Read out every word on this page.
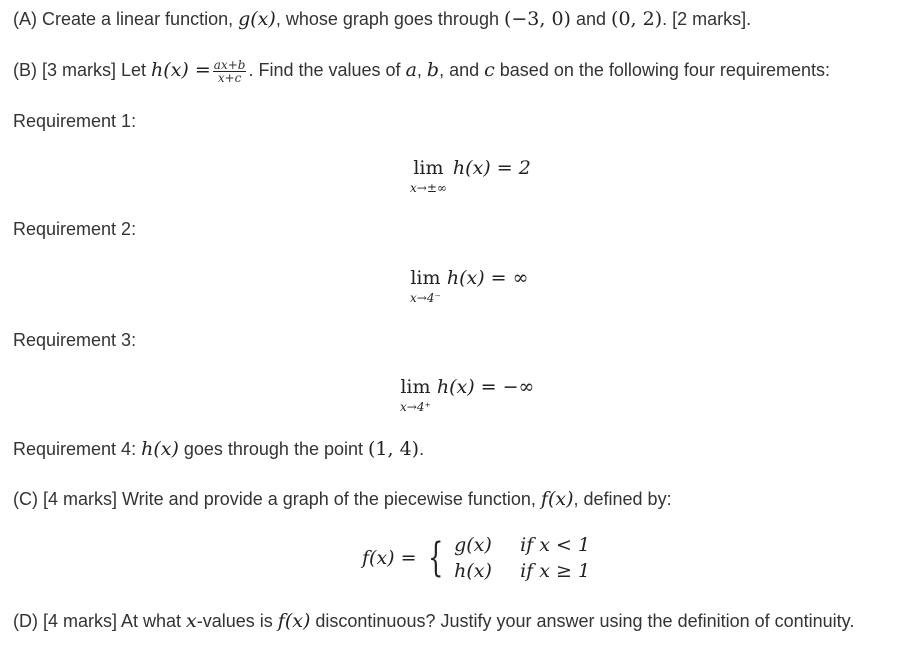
(A) Create a linear function, g(x), whose graph goes through (−3, 0) and (0, 2). [2 marks].
(B) [3 marks] Let $h(x) = \frac{ax+b}{x+c}$ . Find the values of a, b, and c based on the following four requirements:
Requirement 1:
lim
x→±∞
h(x) = 2
Requirement 2:
lim
x→4⁻
h(x) = ∞
Requirement 3:
lim
x→4⁺
h(x) = −∞
Requirement 4: h(x) goes through the point (1, 4).
(C) [4 marks] Write and provide a graph of the piecewise function, f(x), defined by:
f(x) = { g(x) if x < 1
h(x) if x ≥ 1
(D) [4 marks] At what x-values is f(x) discontinuous? Justify your answer using the definition of continuity.
